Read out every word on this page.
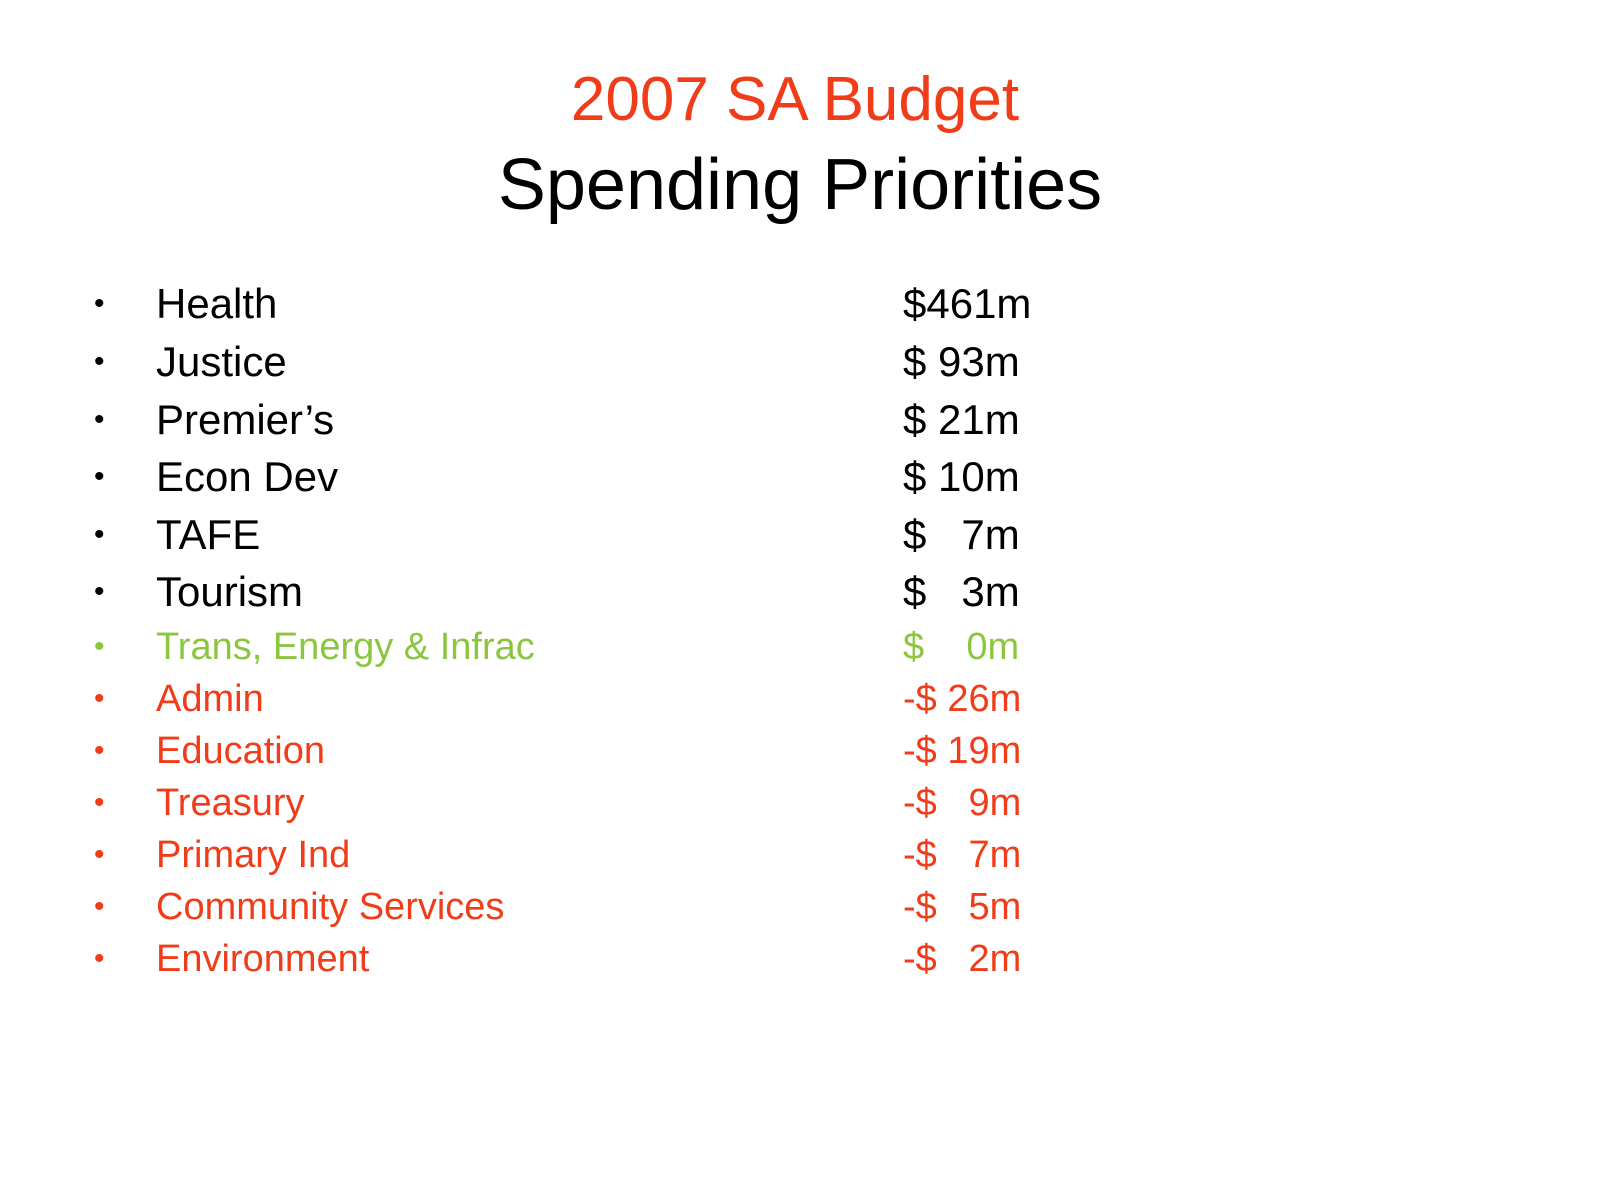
2007 SA Budget
Spending Priorities
• Health	$461m
• Justice	$ 93m
• Premier’s	$ 21m
• Econ Dev	$ 10m
• TAFE	$   7m
• Tourism	$   3m
• Trans, Energy & Infrac	$    0m
• Admin	-$ 26m
• Education	-$ 19m
• Treasury	-$   9m
• Primary Ind	-$   7m
• Community Services	-$   5m
• Environment	-$   2m
